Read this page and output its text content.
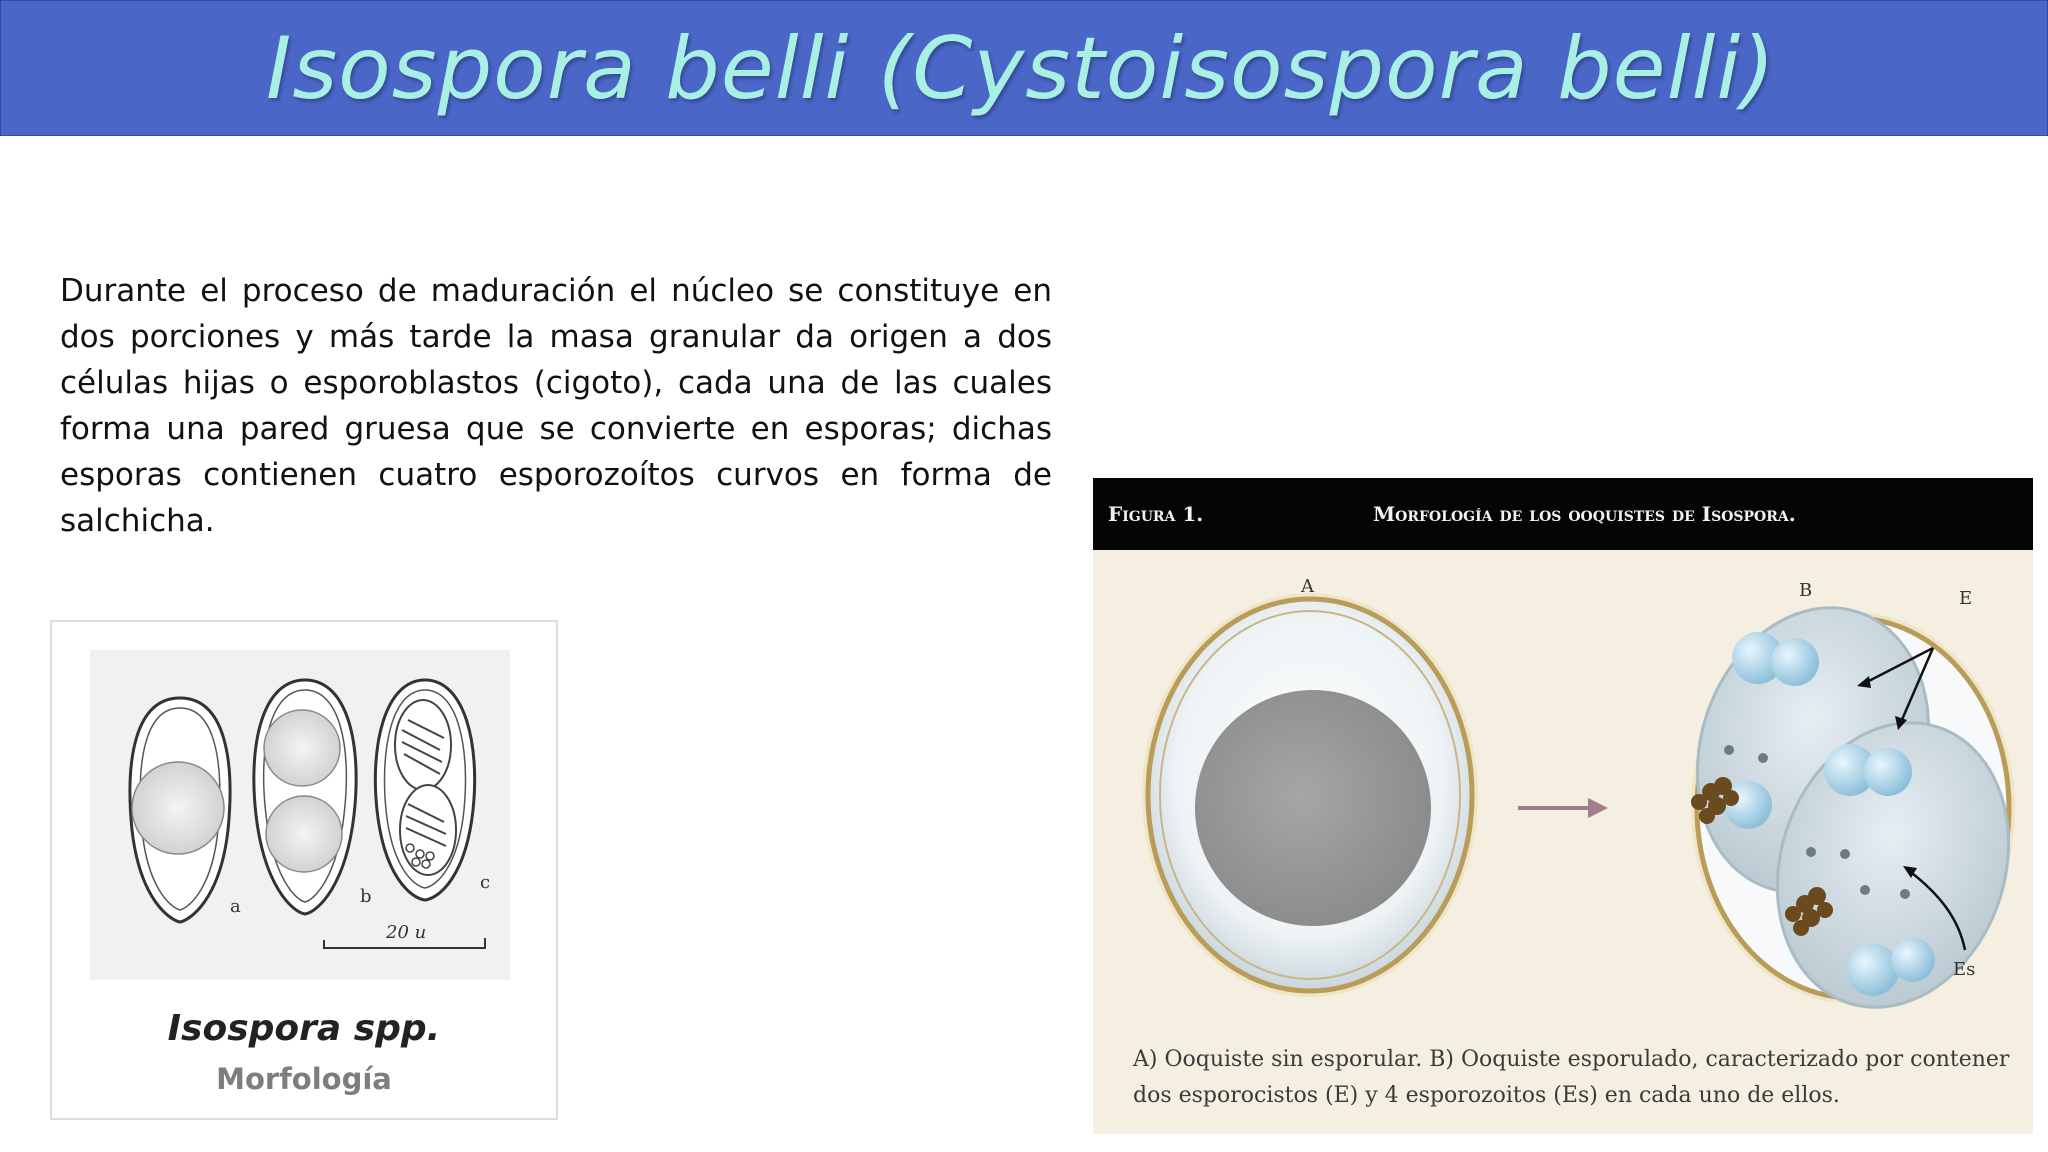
Isospora belli (Cystoisospora belli)
Durante el proceso de maduración el núcleo se constituye en dos porciones y más tarde la masa granular da origen a dos células hijas o esporoblastos (cigoto), cada una de las cuales forma una pared gruesa que se convierte en esporas; dichas esporas contienen cuatro esporozoítos curvos en forma de salchicha.
a	b
c
20 u
Isospora spp.
Morfología
Figura 1.	Morfología de los ooquistes de Isospora.
A	B	E
Es
A) Ooquiste sin esporular. B) Ooquiste esporulado, caracterizado por contener dos esporocistos (E) y 4 esporozoitos (Es) en cada uno de ellos.
